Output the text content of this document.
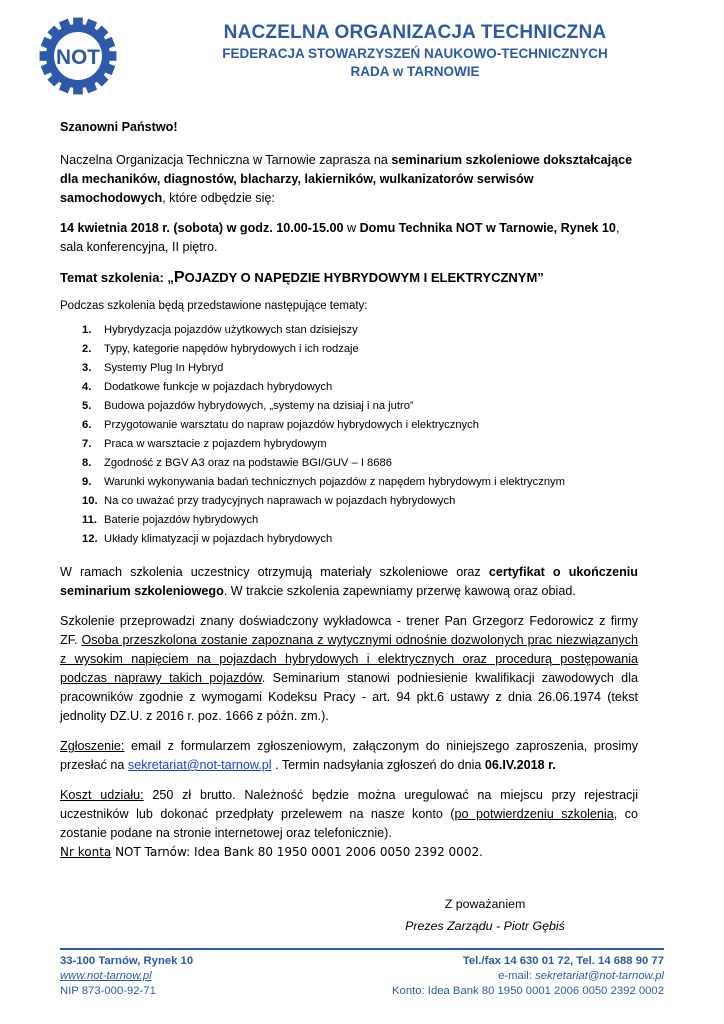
NOT
NACZELNA ORGANIZACJA TECHNICZNA
FEDERACJA STOWARZYSZEŃ NAUKOWO-TECHNICZNYCH
RADA w TARNOWIE
Szanowni Państwo!
Naczelna Organizacja Techniczna w Tarnowie zaprasza na seminarium szkoleniowe dokształcające dla mechaników, diagnostów, blacharzy, lakierników, wulkanizatorów serwisów samochodowych, które odbędzie się:
14 kwietnia 2018 r. (sobota) w godz. 10.00-15.00 w Domu Technika NOT w Tarnowie, Rynek 10, sala konferencyjna, II piętro.
Temat szkolenia: „POJAZDY O NAPĘDZIE HYBRYDOWYM I ELEKTRYCZNYM”
Podczas szkolenia będą przedstawione następujące tematy:
1.	Hybrydyzacja pojazdów użytkowych stan dzisiejszy
2.	Typy, kategorie napędów hybrydowych i ich rodzaje
3.	Systemy Plug In Hybryd
4.	Dodatkowe funkcje w pojazdach hybrydowych
5.	Budowa pojazdów hybrydowych, „systemy na dzisiaj i na jutro”
6.	Przygotowanie warsztatu do napraw pojazdów hybrydowych i elektrycznych
7.	Praca w warsztacie z pojazdem hybrydowym
8.	Zgodność z BGV A3 oraz na podstawie BGI/GUV – I 8686
9.	Warunki wykonywania badań technicznych pojazdów z napędem hybrydowym i elektrycznym
10. Na co uważać przy tradycyjnych naprawach w pojazdach hybrydowych
11. Baterie pojazdów hybrydowych
12. Układy klimatyzacji w pojazdach hybrydowych
W ramach szkolenia uczestnicy otrzymują materiały szkoleniowe oraz certyfikat o ukończeniu seminarium szkoleniowego. W trakcie szkolenia zapewniamy przerwę kawową oraz obiad.
Szkolenie przeprowadzi znany doświadczony wykładowca - trener Pan Grzegorz Fedorowicz z firmy ZF. Osoba przeszkolona zostanie zapoznana z wytycznymi odnośnie dozwolonych prac niezwiązanych z wysokim napięciem na pojazdach hybrydowych i elektrycznych oraz procedurą postępowania podczas naprawy takich pojazdów. Seminarium stanowi podniesienie kwalifikacji zawodowych dla pracowników zgodnie z wymogami Kodeksu Pracy - art. 94 pkt.6 ustawy z dnia 26.06.1974 (tekst jednolity DZ.U. z 2016 r. poz. 1666 z późn. zm.).
Zgłoszenie: email z formularzem zgłoszeniowym, załączonym do niniejszego zaproszenia, prosimy przesłać na sekretariat@not-tarnow.pl . Termin nadsyłania zgłoszeń do dnia 06.IV.2018 r.
Koszt udziału: 250 zł brutto. Należność będzie można uregulować na miejscu przy rejestracji uczestników lub dokonać przedpłaty przelewem na nasze konto (po potwierdzeniu szkolenia, co zostanie podane na stronie internetowej oraz telefonicznie).
Nr konta NOT Tarnów: Idea Bank 80 1950 0001 2006 0050 2392 0002.
Z poważaniem
Prezes Zarządu - Piotr Gębiś
33-100 Tarnów, Rynek 10	Tel./fax 14 630 01 72, Tel. 14 688 90 77
www.not-tarnow.pl	e-mail: sekretariat@not-tarnow.pl
NIP 873-000-92-71	Konto: Idea Bank 80 1950 0001 2006 0050 2392 0002
